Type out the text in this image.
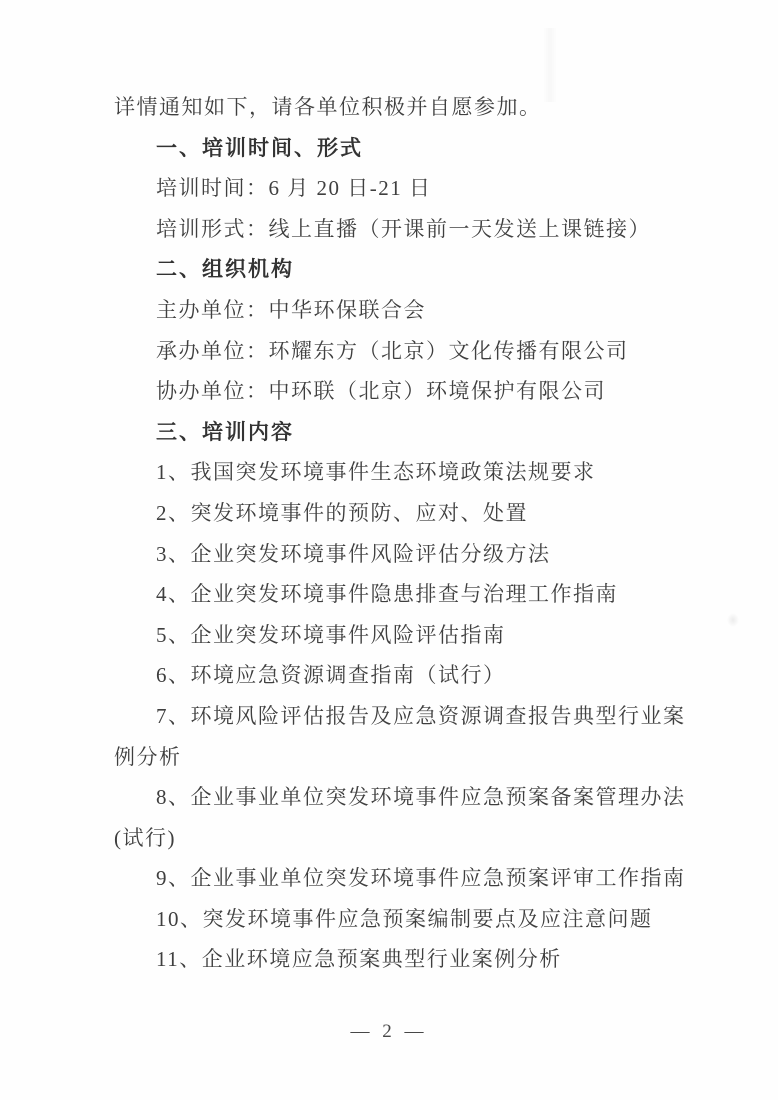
详情通知如下，请各单位积极并自愿参加。
一、培训时间、形式
培训时间：6 月 20 日-21 日
培训形式：线上直播（开课前一天发送上课链接）
二、组织机构
主办单位：中华环保联合会
承办单位：环耀东方（北京）文化传播有限公司
协办单位：中环联（北京）环境保护有限公司
三、培训内容
1、我国突发环境事件生态环境政策法规要求
2、突发环境事件的预防、应对、处置
3、企业突发环境事件风险评估分级方法
4、企业突发环境事件隐患排查与治理工作指南
5、企业突发环境事件风险评估指南
6、环境应急资源调查指南（试行）
7、环境风险评估报告及应急资源调查报告典型行业案
例分析
8、企业事业单位突发环境事件应急预案备案管理办法
(试行)
9、企业事业单位突发环境事件应急预案评审工作指南
10、突发环境事件应急预案编制要点及应注意问题
11、企业环境应急预案典型行业案例分析
— 2 —
